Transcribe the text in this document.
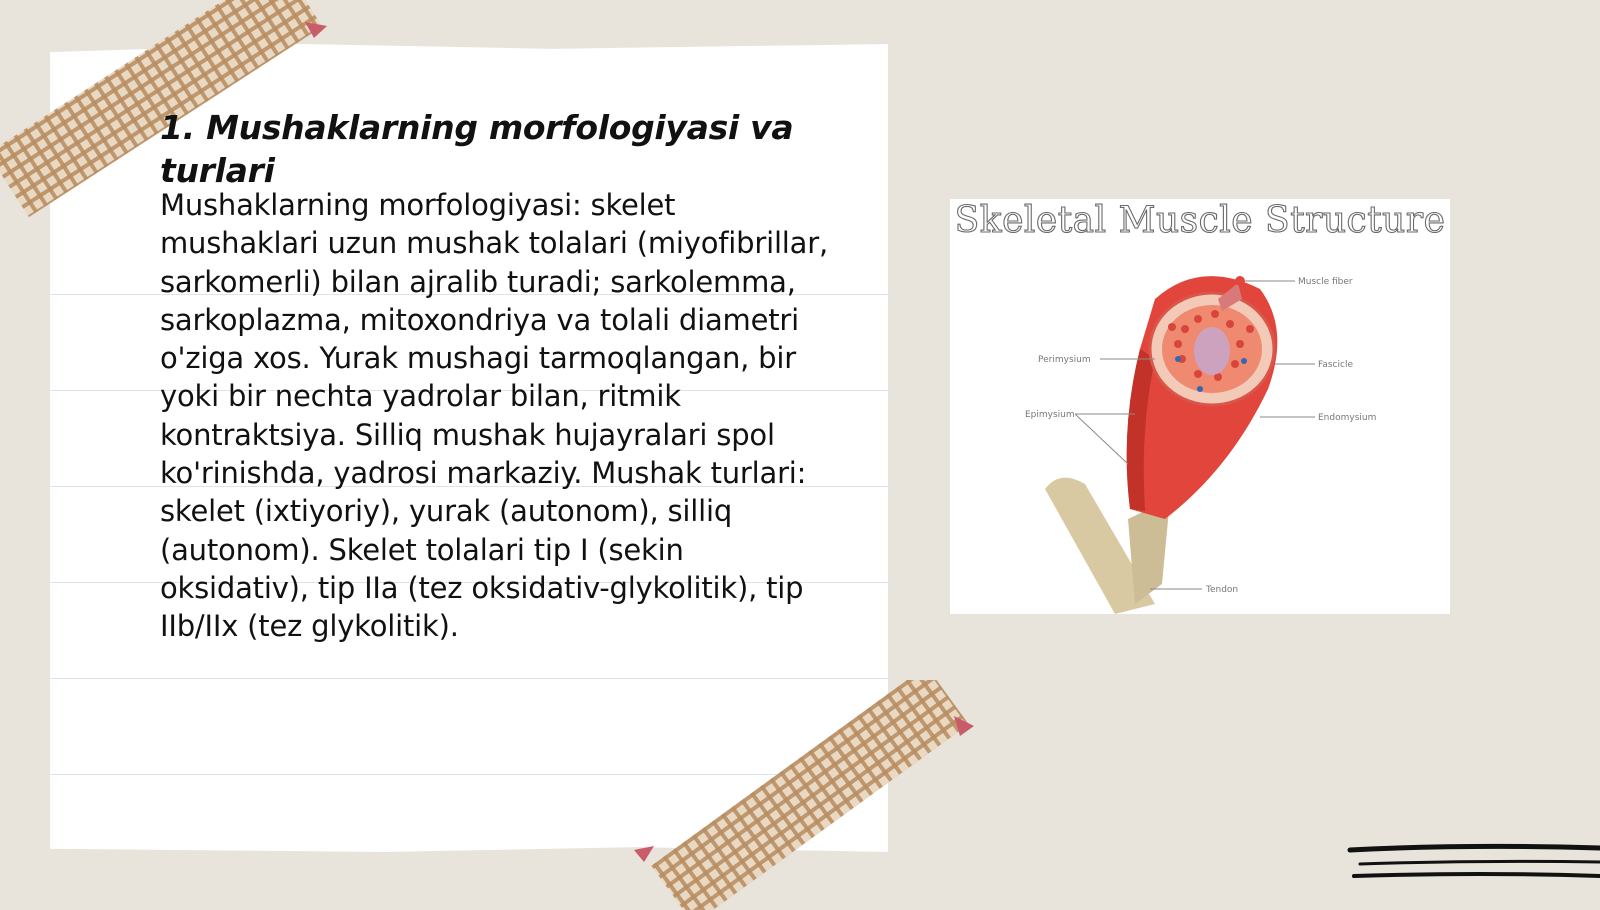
1. Mushaklarning morfologiyasi va turlari

Mushaklarning morfologiyasi: skelet mushaklari uzun mushak tolalari (miyofibrillar, sarkomerli) bilan ajralib turadi; sarkolemma, sarkoplazma, mitoxondriya va tolali diametri o'ziga xos. Yurak mushagi tarmoqlangan, bir yoki bir nechta yadrolar bilan, ritmik kontraktsiya. Silliq mushak hujayralari spol ko'rinishda, yadrosi markaziy. Mushak turlari: skelet (ixtiyoriy), yurak (autonom), silliq (autonom). Skelet tolalari tip I (sekin oksidativ), tip IIa (tez oksidativ-glykolitik), tip IIb/IIx (tez glykolitik).

Skeletal Muscle Structure
Muscle fiber
Fascicle
Perimysium
Epimysium	Endomysium
Tendon
